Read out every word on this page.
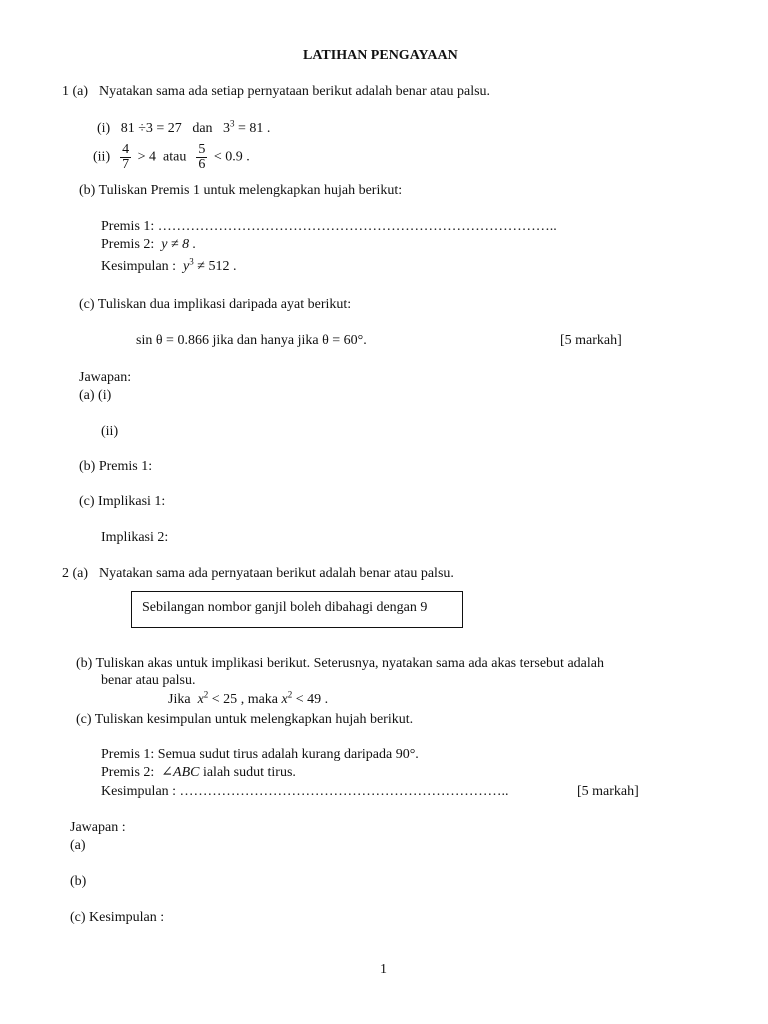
LATIHAN PENGAYAAN
1 (a) Nyatakan sama ada setiap pernyataan berikut adalah benar atau palsu.
(i) 81 ÷3 = 27 dan $3^3 = 81$ .
$(ii) \frac{4}{7} > 4$ atau $\frac{5}{6} < 0.9$ .
(b) Tuliskan Premis 1 untuk melengkapkan hujah berikut:
Premis 1: …………………………………………………………………………..
Premis 2: y ≠ 8 .
Kesimpulan : $y^3 \ne 512$ .
(c) Tuliskan dua implikasi daripada ayat berikut:
sin θ = 0.866 jika dan hanya jika θ = 60°.	[5 markah]
Jawapan:
(a) (i)
(ii)
(b) Premis 1:
(c) Implikasi 1:
Implikasi 2:
2 (a) Nyatakan sama ada pernyataan berikut adalah benar atau palsu.
Sebilangan nombor ganjil boleh dibahagi dengan 9
(b) Tuliskan akas untuk implikasi berikut. Seterusnya, nyatakan sama ada akas tersebut adalah
benar atau palsu.
Jika $x^2 < 25$ , maka $x^2 < 49$ .
(c) Tuliskan kesimpulan untuk melengkapkan hujah berikut.
Premis 1: Semua sudut tirus adalah kurang daripada 90°.
Premis 2: ∠ABC ialah sudut tirus.
Kesimpulan : ……………………………………………………………..	[5 markah]
Jawapan :
(a)
(b)
(c) Kesimpulan :
1
